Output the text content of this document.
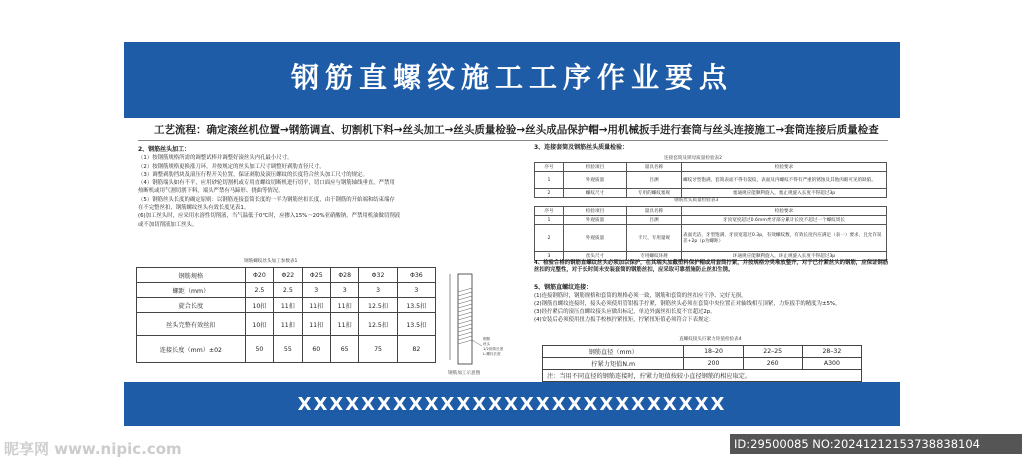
钢筋直螺纹施工工序作业要点
工艺流程：确定滚丝机位置→钢筋调直、切割机下料→丝头加工→丝头质量检验→丝头成品保护帽→用机械扳手进行套筒与丝头连接施工→套筒连接后质量检查

2、钢筋丝头加工：

（1）按钢筋规格所需的调整试棒并调整好滚丝头内孔最小尺寸。

（2）按钢筋规格更换涨刀环，并按规定的丝头加工尺寸调整好剥肋直径尺寸。

（3）调整剥肋挡块及滚压行程开关位置，保证剥肋及滚压螺纹的长度符合丝头加工尺寸的规定。

（4）钢筋端头如有不平，应用砂轮切割机或专用直螺纹切断机进行切平，切口面应与钢筋轴线垂直，严禁用

热断机或用气割切割下料，端头严禁有马蹄形、挠曲等情况。

（5）钢筋丝头长度的确定原则：以钢筋连接套筒长度的一半为钢筋丝扣长度，由于钢筋的开始端和结束端存

在不完整丝扣，钢筋螺纹丝头有效长度见表1。

(6)加工丝头时，应采用水溶性切削液，当气温低于0℃时，应掺入15%～20%亚硝酸钠。严禁用机油做切削液

或不加切削液加工丝头。

钢筋螺纹丝头加工参数表1
钢筋规格	Φ20	Φ22	Φ25	Φ28	Φ32	Φ36
螺距（mm）	2.5	2.5	3	3	3	3
旋合长度	10扣	11扣	11扣	11扣	12.5扣	13.5扣
丝头完整有效丝扣	10扣	11扣	11扣	11扣	12.5扣	13.5扣
连接长度（mm）±02	50	55	60	65	75	82
钢筋
丝头
1/2套筒长度
L-螺纹长度
钢筋加工示意图

3、连接套筒及钢筋丝头质量检验：

连接套筒及锁母质量检验表2
序号	检验项目	量具名称	检验要求
1	外观质量	目测	螺纹牙型饱满，套筒表面不得有裂纹，表面及内螺纹不得有严重的锈蚀及其他肉眼可见的缺陷。
2	螺纹尺寸	专用的螺纹塞规	塞通规应能顺利旋入，塞止规旋入长度不得超过3p
钢筋丝头质量检验表3
序号	检验项目	量具名称	检验要求
1	外观质量	目测	牙顶宽度超过0.6mm秃牙部分累计长度不超过一个螺纹周长
2	外观质量	卡尺、专用量规	表面光洁，牙型饱满，牙顶宽超过0.3p，有效螺纹数，有效长度内应满足（表一）要求，且允许误差+2p（p为螺距）
3	丝头尺寸	专用螺纹环规	环通规应能顺利旋入，环止规旋入长度不得超过3p

4、检验合格的钢筋直螺纹丝头必须加以保护，在其端头加戴塑料保护帽或用套筒拧紧，并按规格分类堆放整齐，对于已拧紧丝头的钢筋，应保证钢筋丝扣的完整性，对于长时间未安装套筒的钢筋丝扣，应采取可靠措施防止丝扣生锈。

5、钢筋直螺纹连接：

(1)连接钢筋时，钢筋规格和套筒的规格必须一致，钢筋和套筒的丝扣应干净、完好无损。

(2)钢筋直螺纹连接时，接头必须使用管钳扳手拧紧，钢筋丝头必须在套筒中央位置正对轴线相互顶紧，力矩扳手的精度为±5%。

(3)经拧紧后的滚压直螺纹接头应做出标记，单边外露丝扣长度不宜超过2p。

(4)安装后必须使用扭力扳手校核拧紧扭矩，拧紧扭矩值必须符合下表规定：

直螺纹接头拧紧力矩值检验表4
钢筋直径（mm）	18–20	22–25	28–32
拧紧力矩值N.m	200	260	A300
注：当用不同直径的钢筋连接时，拧紧力矩值按较小直径钢筋的相应取定。			
XXXXXXXXXXXXXXXXXXXXXXXXXXX
昵享网 www.nipic.com	ID:29500085 NO:20241212153738838104
